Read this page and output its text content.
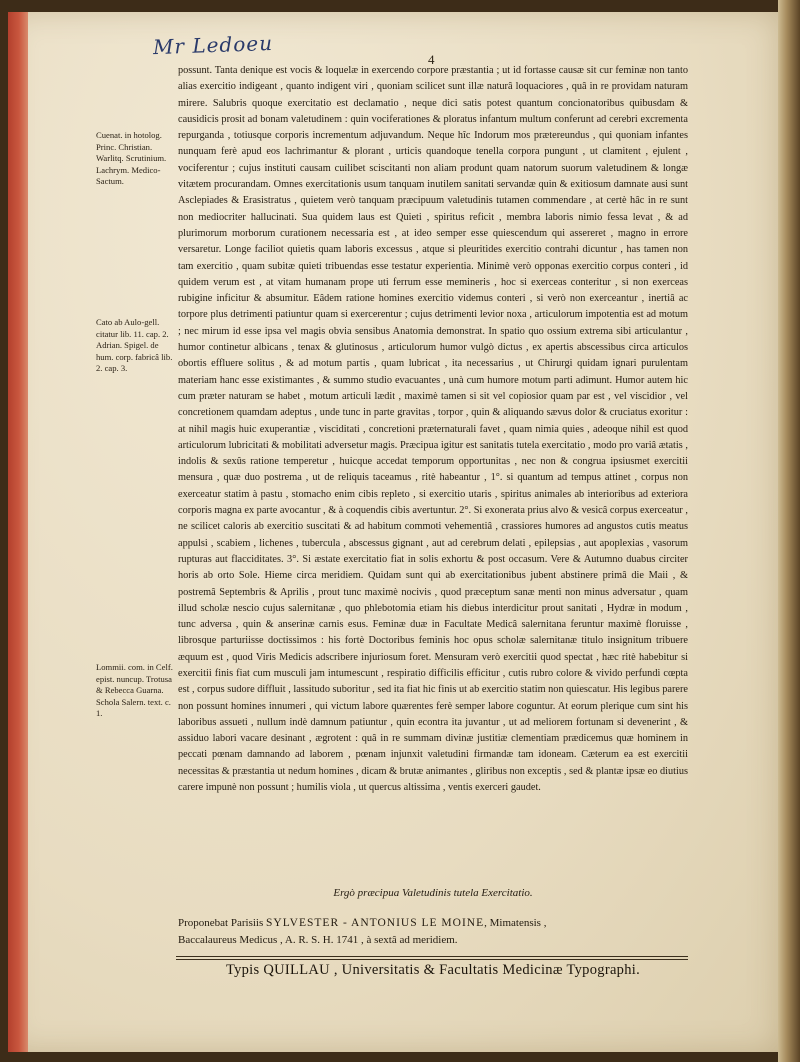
Mr Ledoeu
4
Cuenat. in hotolog. Princ. Christian. Warlitq. Scrutinium. Lachrym. Medico-Sactum.
Cato ab Aulo-gell. citatur lib. 11. cap. 2. Adrian. Spigel. de hum. corp. fabricâ lib. 2. cap. 3.
Lommii. com. in Celf. epist. nuncup. Trotusa & Rebecca Guarna. Schola Salern. text. c. 1.

possunt. Tanta denique est vocis & loquelæ in exercendo corpore præstantia ; ut id fortasse causæ sit cur feminæ non tanto alias exercitio indigeant , quanto indigent viri , quoniam scilicet sunt illæ naturâ loquaciores , quâ in re providam naturam mirere. Salubris quoque exercitatio est declamatio , neque dici satis potest quantum concionatoribus quibusdam & causidicis prosit ad bonam valetudinem : quin vociferationes & ploratus infantum multum conferunt ad cerebri excrementa repurganda , totiusque corporis incrementum adjuvandum. Neque hîc Indorum mos prætereundus , qui quoniam infantes nunquam ferè apud eos lachrimantur & plorant , urticis quandoque tenella corpora pungunt , ut clamitent , ejulent , vociferentur ; cujus instituti causam cuilibet sciscitanti non aliam produnt quam natorum suorum valetudinem & longæ vitætem procurandam. Omnes exercitationis usum tanquam inutilem sanitati servandæ quin & exitiosum damnate ausi sunt Asclepiades & Erasistratus , quietem verò tanquam præcipuum valetudinis tutamen commendare , at certè hâc in re sunt non mediocriter hallucinati. Sua quidem laus est Quieti , spiritus reficit , membra laboris nimio fessa levat , & ad plurimorum morborum curationem necessaria est , at ideo semper esse quiescendum qui assereret , magno in errore versaretur. Longe faciliot quietis quam laboris excessus , atque si pleuritides exercitio contrahi dicuntur , has tamen non tam exercitio , quam subitæ quieti tribuendas esse testatur experientia. Minimè verò opponas exercitio corpus conteri , id quidem verum est , at vitam humanam prope uti ferrum esse memineris , hoc si exerceas conteritur , si non exerceas rubigine inficitur & absumitur. Eâdem ratione homines exercitio videmus conteri , si verò non exerceantur , inertiâ ac torpore plus detrimenti patiuntur quam si exercerentur ; cujus detrimenti levior noxa , articulorum impotentia est ad motum ; nec mirum id esse ipsa vel magis obvia sensibus Anatomia demonstrat. In spatio quo ossium extrema sibi articulantur , humor continetur albicans , tenax & glutinosus , articulorum humor vulgò dictus , ex apertis abscessibus circa articulos obortis effluere solitus , & ad motum partis , quam lubricat , ita necessarius , ut Chirurgi quidam ignari purulentam materiam hanc esse existimantes , & summo studio evacuantes , unà cum humore motum parti adimunt. Humor autem hic cum præter naturam se habet , motum articuli lædit , maximè tamen si sit vel copiosior quam par est , vel viscidior , vel concretionem quamdam adeptus , unde tunc in parte gravitas , torpor , quin & aliquando sævus dolor & cruciatus exoritur : at nihil magis huic exuperantiæ , visciditati , concretioni præternaturali favet , quam nimia quies , adeoque nihil est quod articulorum lubricitati & mobilitati adversetur magis. Præcipua igitur est sanitatis tutela exercitatio , modo pro variâ ætatis , indolis & sexûs ratione temperetur , huicque accedat temporum opportunitas , nec non & congrua ipsiusmet exercitii mensura , quæ duo postrema , ut de reliquis taceamus , ritè habeantur , 1°. si quantum ad tempus attinet , corpus non exerceatur statim à pastu , stomacho enim cibis repleto , si exercitio utaris , spiritus animales ab interioribus ad exteriora corporis magna ex parte avocantur , & à coquendis cibis avertuntur. 2°. Si exonerata prius alvo & vesicâ corpus exerceatur , ne scilicet caloris ab exercitio suscitati & ad habitum commoti vehementiâ , crassiores humores ad angustos cutis meatus appulsi , scabiem , lichenes , tubercula , abscessus gignant , aut ad cerebrum delati , epilepsias , aut apoplexias , vasorum rupturas aut flacciditates. 3°. Si æstate exercitatio fiat in solis exhortu & post occasum. Vere & Autumno duabus circiter horis ab orto Sole. Hieme circa meridiem. Quidam sunt qui ab exercitationibus jubent abstinere primâ die Maii , & postremâ Septembris & Aprilis , prout tunc maximè nocivis , quod præceptum sanæ menti non minus adversatur , quam illud scholæ nescio cujus salernitanæ , quo phlebotomia etiam his diebus interdicitur prout sanitati , Hydræ in modum , tunc adversa , quin & anserinæ carnis esus. Feminæ duæ in Facultate Medicâ salernitana feruntur maximè floruisse , librosque parturiisse doctissimos : his fortè Doctoribus feminis hoc opus scholæ salernitanæ titulo insignitum tribuere æquum est , quod Viris Medicis adscribere injuriosum foret. Mensuram verò exercitii quod spectat , hæc ritè habebitur si exercitii finis fiat cum musculi jam intumescunt , respiratio difficilis efficitur , cutis rubro colore & vivido perfundi cœpta est , corpus sudore diffluit , lassitudo suboritur , sed ita fiat hic finis ut ab exercitio statim non quiescatur. His legibus parere non possunt homines innumeri , qui victum labore quærentes ferè semper labore coguntur. At eorum plerique cum sint his laboribus assueti , nullum indè damnum patiuntur , quin econtra ita juvantur , ut ad meliorem fortunam si devenerint , & assiduo labori vacare desinant , ægrotent : quâ in re summam divinæ justitiæ clementiam prædicemus quæ hominem in peccati pœnam damnando ad laborem , pœnam injunxit valetudini firmandæ tam idoneam. Cæterum ea est exercitii necessitas & præstantia ut nedum homines , dicam & brutæ animantes , gliribus non exceptis , sed & plantæ ipsæ eo diutius carere impunè non possunt ; humilis viola , ut quercus altissima , ventis exerceri gaudet.

Ergò præcipua Valetudinis tutela Exercitatio.
Proponebat Parisiis SYLVESTER - ANTONIUS LE MOINE, Mimatensis ,
Baccalaureus Medicus , A. R. S. H. 1741 , à sextâ ad meridiem.
Typis QUILLAU , Universitatis & Facultatis Medicinæ Typographi.
